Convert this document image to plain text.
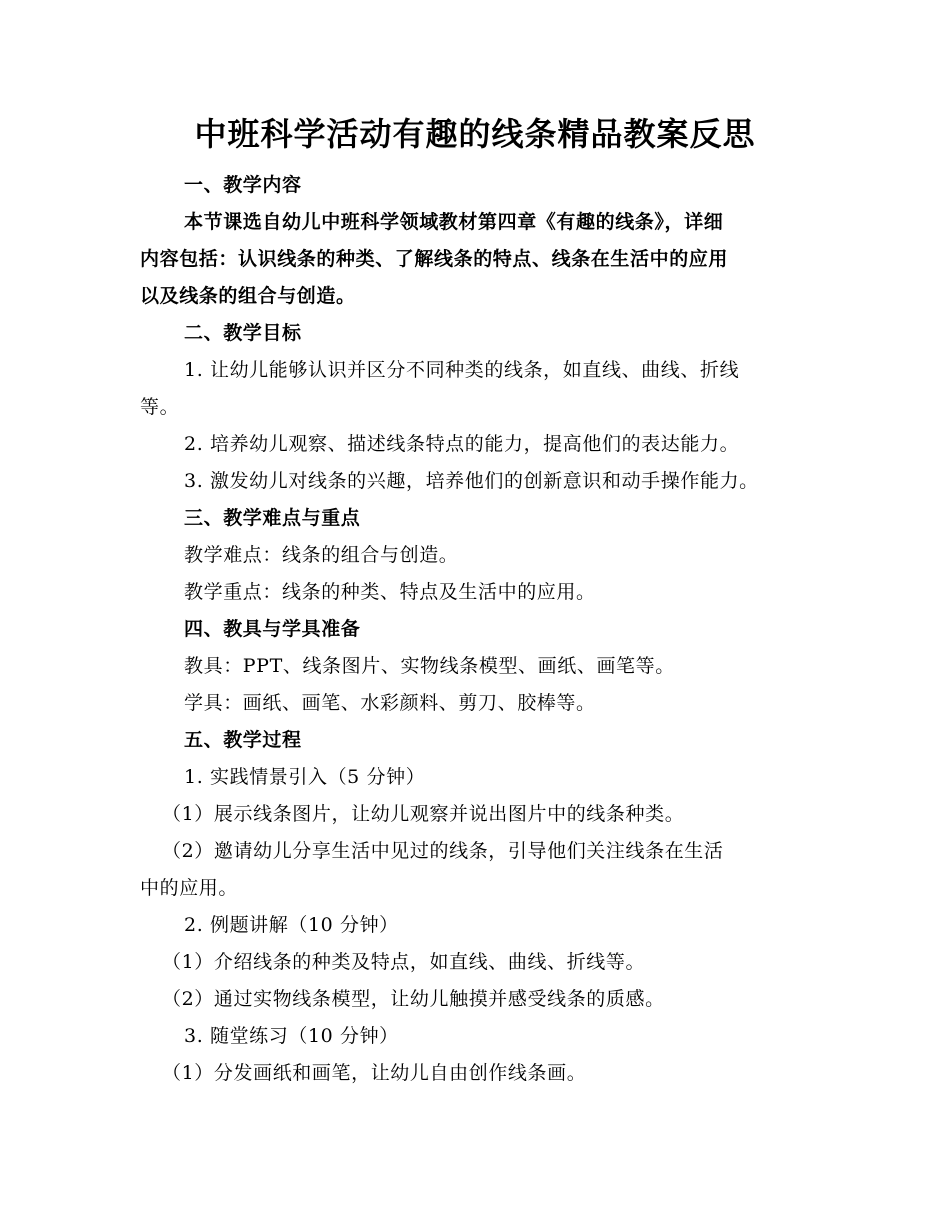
中班科学活动有趣的线条精品教案反思
一、教学内容
本节课选自幼儿中班科学领域教材第四章《有趣的线条》，详细
内容包括：认识线条的种类、了解线条的特点、线条在生活中的应用
以及线条的组合与创造。
二、教学目标
1. 让幼儿能够认识并区分不同种类的线条，如直线、曲线、折线
等。
2. 培养幼儿观察、描述线条特点的能力，提高他们的表达能力。
3. 激发幼儿对线条的兴趣，培养他们的创新意识和动手操作能力。
三、教学难点与重点
教学难点：线条的组合与创造。
教学重点：线条的种类、特点及生活中的应用。
四、教具与学具准备
教具：PPT、线条图片、实物线条模型、画纸、画笔等。
学具：画纸、画笔、水彩颜料、剪刀、胶棒等。
五、教学过程
1. 实践情景引入（5 分钟）
（1）展示线条图片，让幼儿观察并说出图片中的线条种类。
（2）邀请幼儿分享生活中见过的线条，引导他们关注线条在生活
中的应用。
2. 例题讲解（10 分钟）
（1）介绍线条的种类及特点，如直线、曲线、折线等。
（2）通过实物线条模型，让幼儿触摸并感受线条的质感。
3. 随堂练习（10 分钟）
（1）分发画纸和画笔，让幼儿自由创作线条画。
